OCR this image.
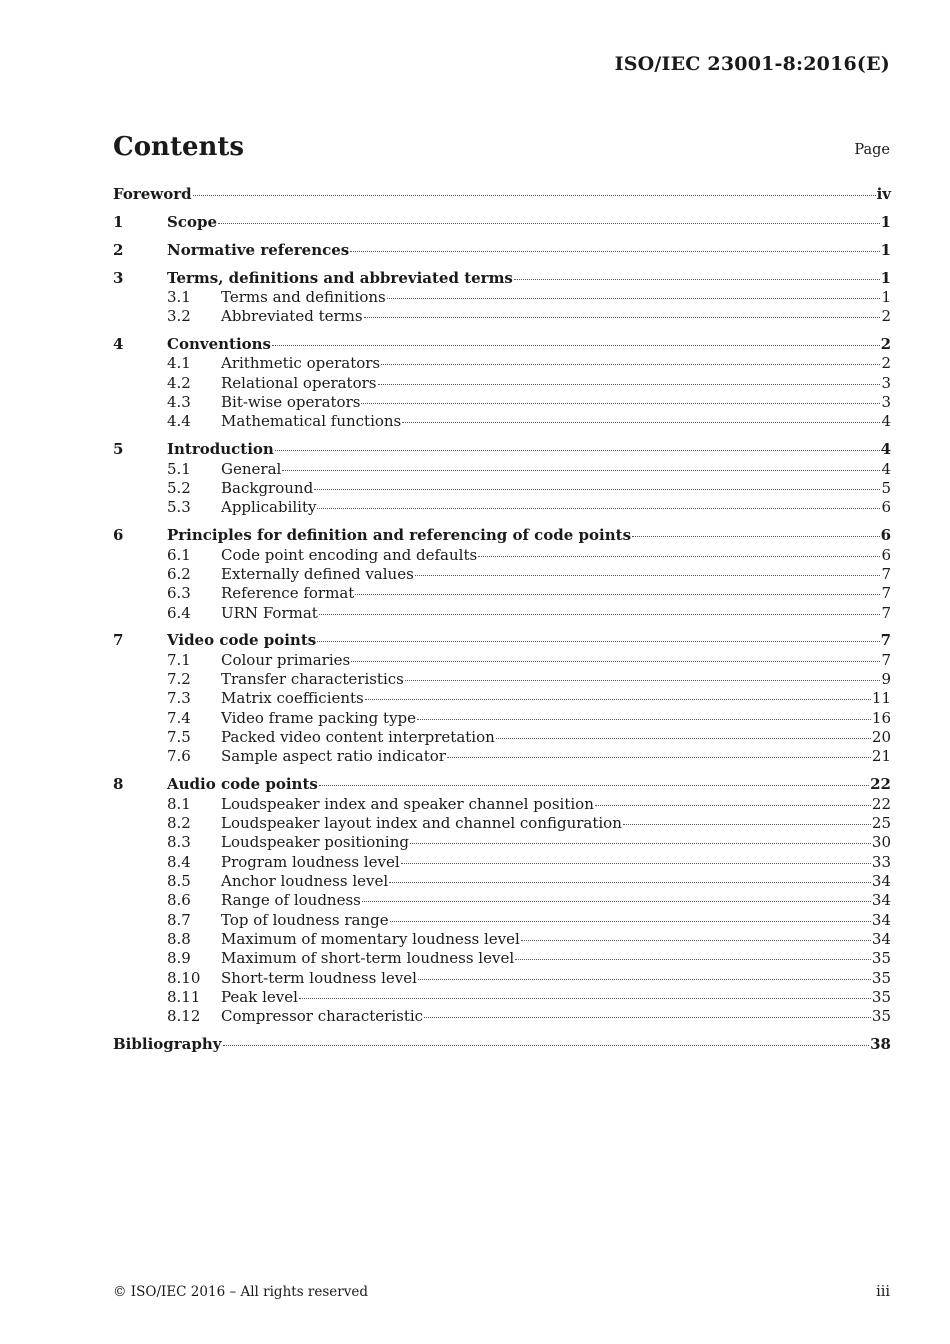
ISO/IEC 23001-8:2016(E)
Contents	Page
Foreword	iv
1	Scope	1
2	Normative references	1
3	Terms, definitions and abbreviated terms	1
3.1	Terms and definitions	1
3.2	Abbreviated terms	2
4	Conventions	2
4.1	Arithmetic operators	2
4.2	Relational operators	3
4.3	Bit-wise operators	3
4.4	Mathematical functions	4
5	Introduction	4
5.1	General	4
5.2	Background	5
5.3	Applicability	6
6	Principles for definition and referencing of code points	6
6.1	Code point encoding and defaults	6
6.2	Externally defined values	7
6.3	Reference format	7
6.4	URN Format	7
7	Video code points	7
7.1	Colour primaries	7
7.2	Transfer characteristics	9
7.3	Matrix coefficients	11
7.4	Video frame packing type	16
7.5	Packed video content interpretation	20
7.6	Sample aspect ratio indicator	21
8	Audio code points	22
8.1	Loudspeaker index and speaker channel position	22
8.2	Loudspeaker layout index and channel configuration	25
8.3	Loudspeaker positioning	30
8.4	Program loudness level	33
8.5	Anchor loudness level	34
8.6	Range of loudness	34
8.7	Top of loudness range	34
8.8	Maximum of momentary loudness level	34
8.9	Maximum of short-term loudness level	35
8.10	Short-term loudness level	35
8.11	Peak level	35
8.12	Compressor characteristic	35
Bibliography	38
© ISO/IEC 2016 – All rights reserved	iii
